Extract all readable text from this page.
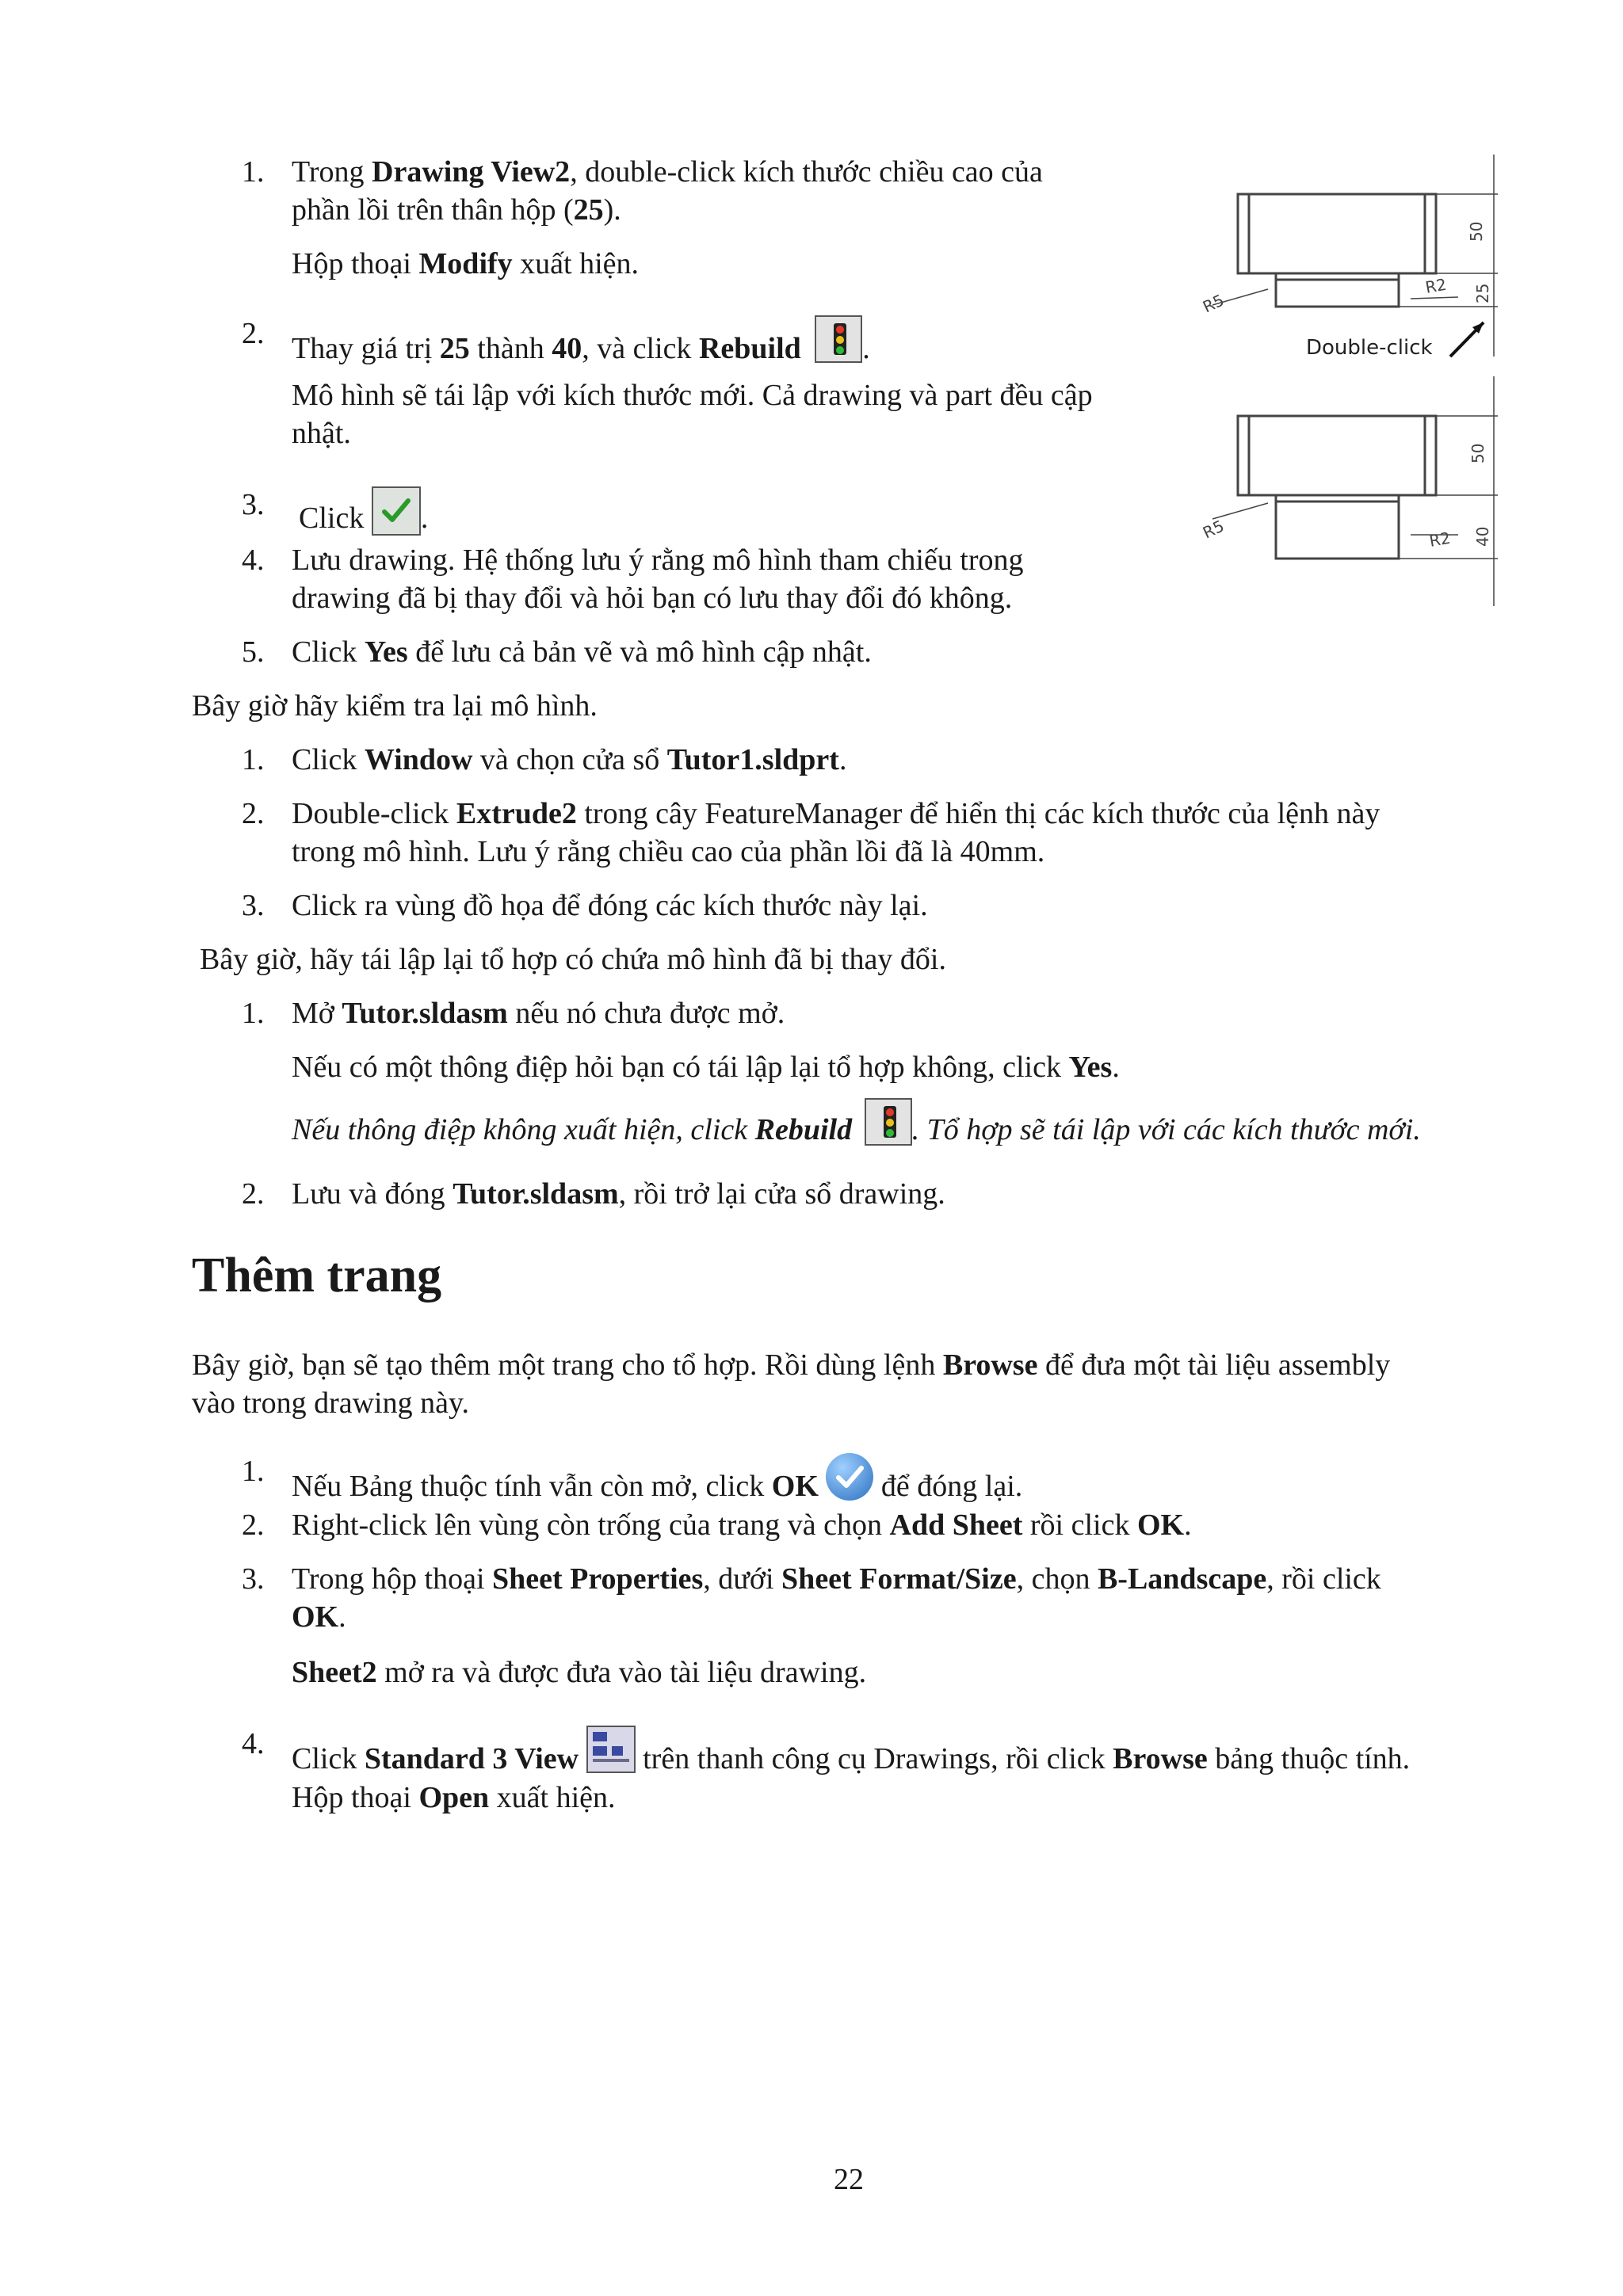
1. Trong Drawing View2, double-click kích thước chiều cao của
phần lồi trên thân hộp (25).
Hộp thoại Modify xuất hiện.
2. Thay giá trị 25 thành 40, và click Rebuild .
Mô hình sẽ tái lập với kích thước mới. Cả drawing và part đều cập
nhật.
3. Click .
4. Lưu drawing. Hệ thống lưu ý rằng mô hình tham chiếu trong
drawing đã bị thay đổi và hỏi bạn có lưu thay đổi đó không.
5. Click Yes để lưu cả bản vẽ và mô hình cập nhật.
50
25
R5
R2
Double-click
50
40
R5	R2
Bây giờ hãy kiểm tra lại mô hình.
1. Click Window và chọn cửa sổ Tutor1.sldprt.
2. Double-click Extrude2 trong cây FeatureManager để hiển thị các kích thước của lệnh này
trong mô hình. Lưu ý rằng chiều cao của phần lồi đã là 40mm.
3. Click ra vùng đồ họa để đóng các kích thước này lại.
Bây giờ, hãy tái lập lại tổ hợp có chứa mô hình đã bị thay đổi.
1. Mở Tutor.sldasm nếu nó chưa được mở.
Nếu có một thông điệp hỏi bạn có tái lập lại tổ hợp không, click Yes.
Nếu thông điệp không xuất hiện, click Rebuild . Tổ hợp sẽ tái lập với các kích thước mới.
2. Lưu và đóng Tutor.sldasm, rồi trở lại cửa sổ drawing.
Thêm trang
Bây giờ, bạn sẽ tạo thêm một trang cho tổ hợp. Rồi dùng lệnh Browse để đưa một tài liệu assembly
vào trong drawing này.
1. Nếu Bảng thuộc tính vẫn còn mở, click OK
để đóng lại.
2. Right-click lên vùng còn trống của trang và chọn Add Sheet rồi click OK.
3. Trong hộp thoại Sheet Properties, dưới Sheet Format/Size, chọn B-Landscape, rồi click
OK.
Sheet2 mở ra và được đưa vào tài liệu drawing.
4. Click Standard 3 View  trên thanh công cụ Drawings, rồi click Browse bảng thuộc tính.
Hộp thoại Open xuất hiện.
22
